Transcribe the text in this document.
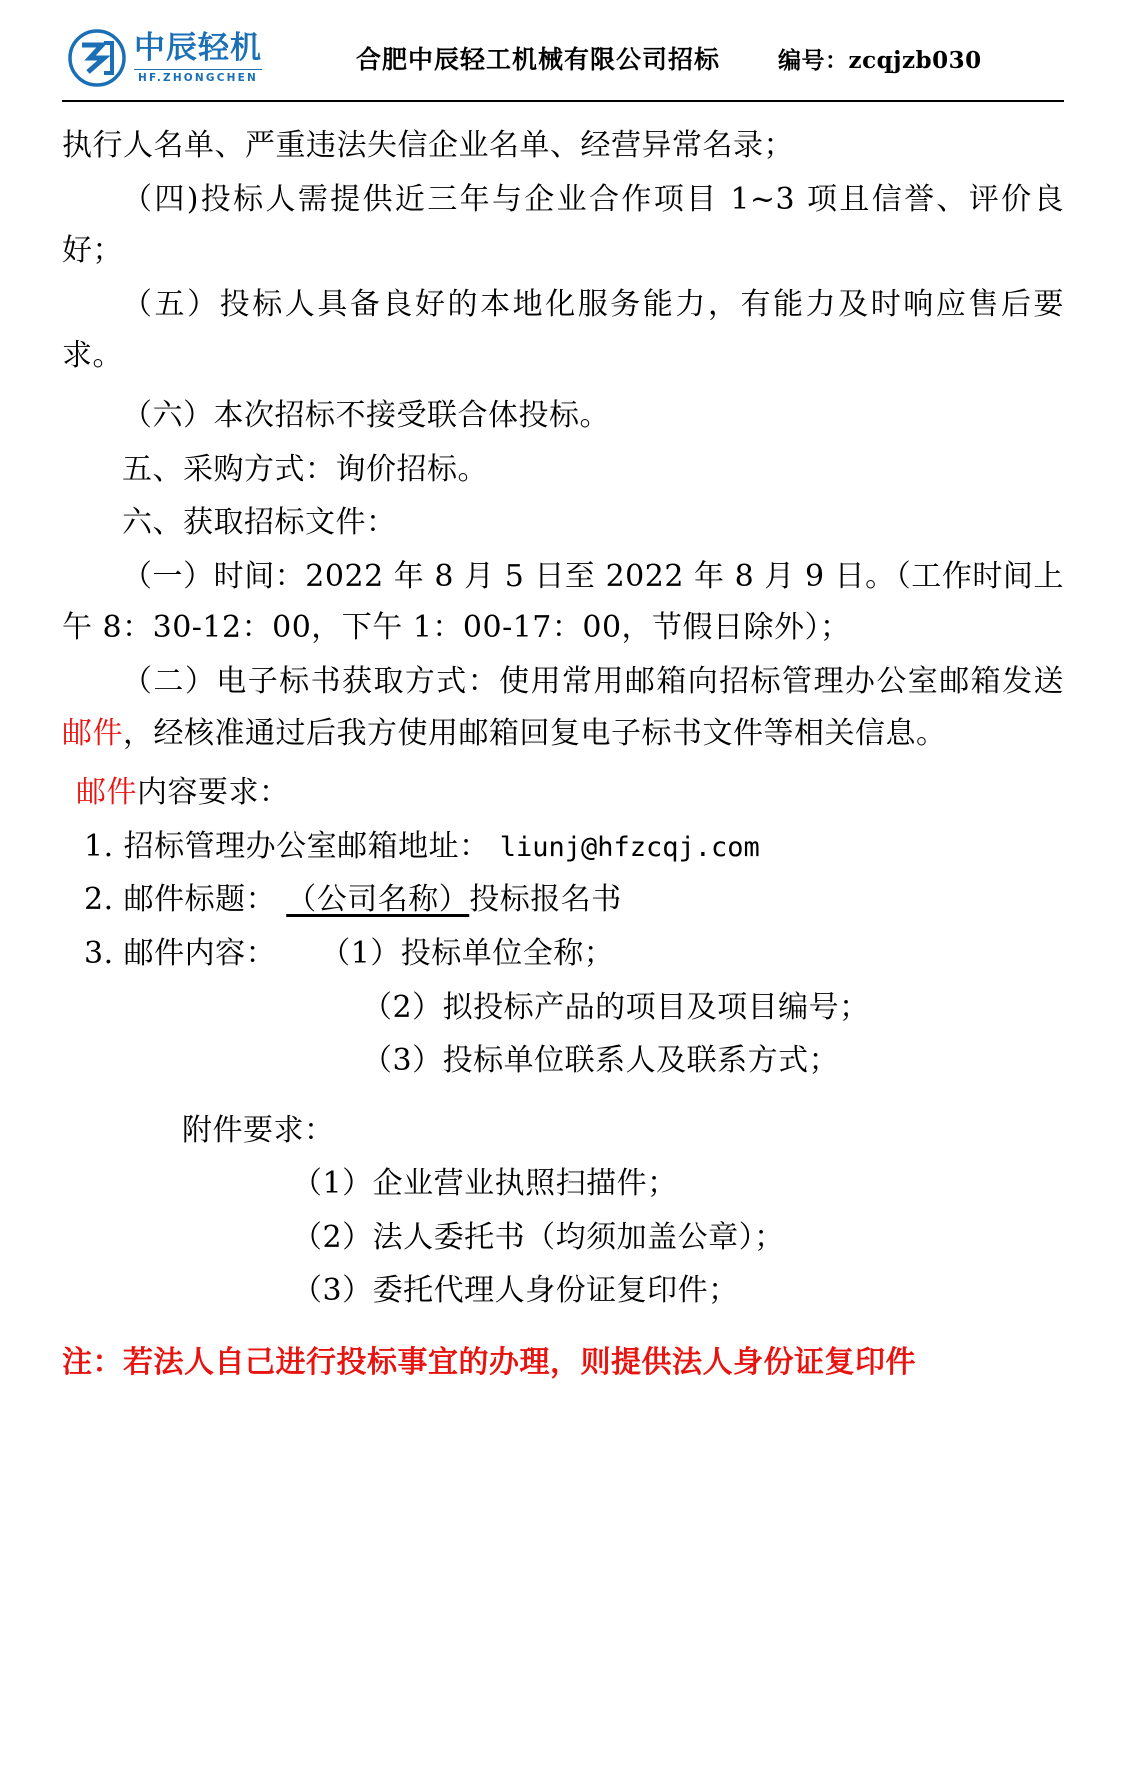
中辰轻机
HF.ZHONGCHEN
合肥中辰轻工机械有限公司招标	编号：zcqjzb030

执行人名单、严重违法失信企业名单、经营异常名录；

（四)投标人需提供近三年与企业合作项目 1~3 项且信誉、评价良好；

（五）投标人具备良好的本地化服务能力，有能力及时响应售后要求。

（六）本次招标不接受联合体投标。

五、采购方式：询价招标。

六、获取招标文件：

（一）时间：2022 年 8 月 5 日至 2022 年 8 月 9 日。（工作时间上午 8：30-12：00，下午 1：00-17：00，节假日除外）；

（二）电子标书获取方式：使用常用邮箱向招标管理办公室邮箱发送邮件，经核准通过后我方使用邮箱回复电子标书文件等相关信息。

邮件内容要求：

1. 招标管理办公室邮箱地址： liunj@hfzcqj.com

2. 邮件标题： （公司名称）投标报名书

3. 邮件内容： （1）投标单位全称；

（2）拟投标产品的项目及项目编号；

（3）投标单位联系人及联系方式；

附件要求：

（1）企业营业执照扫描件；

（2）法人委托书（均须加盖公章）；

（3）委托代理人身份证复印件；

注：若法人自己进行投标事宜的办理，则提供法人身份证复印件
